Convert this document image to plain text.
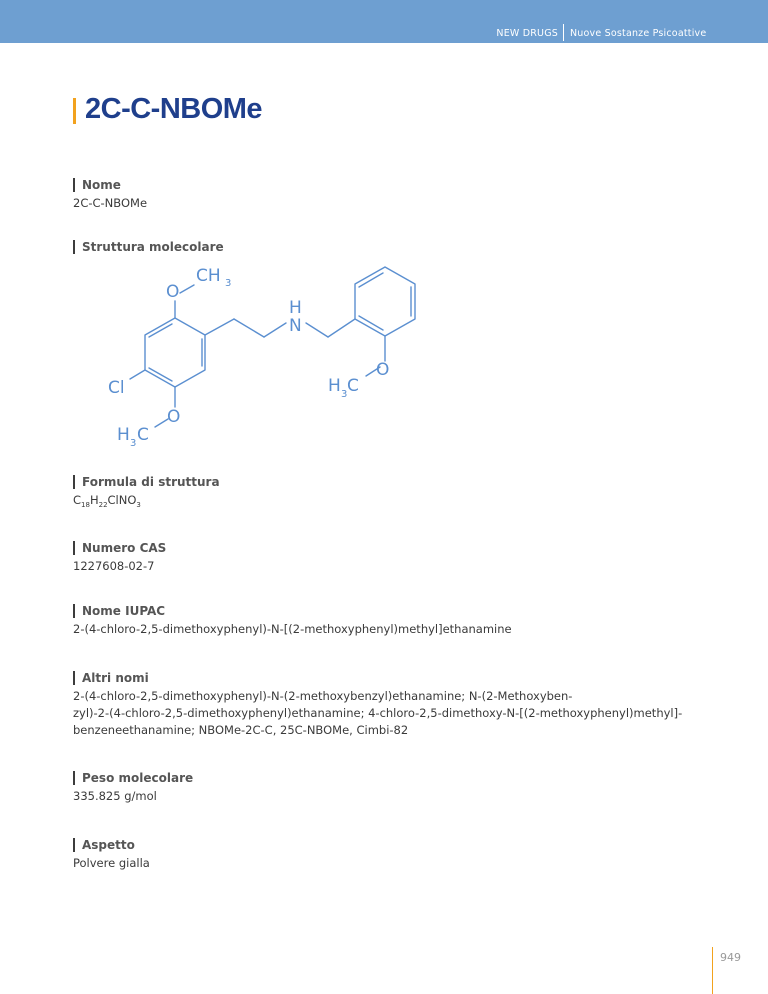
NEW DRUGS Nuove Sostanze Psicoattive
2C-C-NBOMe
Nome
2C-C-NBOMe
Struttura molecolare
O
CH 3
H
N
Cl
O
H 3 C
O
H 3 C
Formula di struttura
$C_{18}H_{22}ClNO_3$
Numero CAS
1227608-02-7
Nome IUPAC
2-(4-chloro-2,5-dimethoxyphenyl)-N-[(2-methoxyphenyl)methyl]ethanamine
Altri nomi
2-(4-chloro-2,5-dimethoxyphenyl)-N-(2-methoxybenzyl)ethanamine; N-(2-Methoxyben-
zyl)-2-(4-chloro-2,5-dimethoxyphenyl)ethanamine; 4-chloro-2,5-dimethoxy-N-[(2-methoxyphenyl)methyl]-
benzeneethanamine; NBOMe-2C-C, 25C-NBOMe, Cimbi-82
Peso molecolare
335.825 g/mol
Aspetto
Polvere gialla
949
